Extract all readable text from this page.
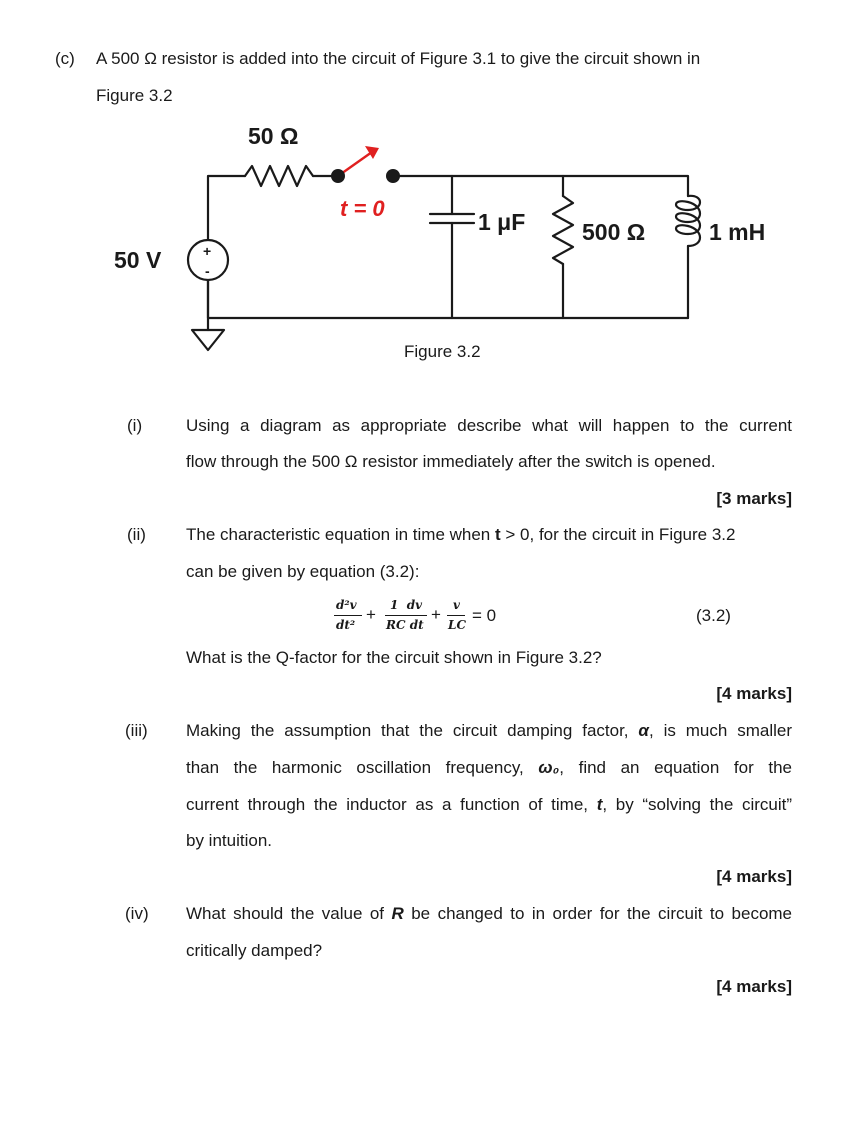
(c) A 500 Ω resistor is added into the circuit of Figure 3.1 to give the circuit shown in
Figure 3.2
50 Ω
t = 0
1 μF 500 Ω	1 mH
50 V	+
-
Figure 3.2
(i)	Using a diagram as appropriate describe what will happen to the current
flow through the 500 Ω resistor immediately after the switch is opened.
[3 marks]
(ii) The characteristic equation in time when t > 0, for the circuit in Figure 3.2
can be given by equation (3.2):
d²v
dt²
+ 1  dv
RC dt
+ v
LC = 0	(3.2)
What is the Q-factor for the circuit shown in Figure 3.2?
[4 marks]
(iii) Making the assumption that the circuit damping factor, α, is much smaller
than the harmonic oscillation frequency, ω₀, find an equation for the
current through the inductor as a function of time, t, by “solving the circuit”
by intuition.
[4 marks]
(iv) What should the value of R be changed to in order for the circuit to become
critically damped?
[4 marks]
